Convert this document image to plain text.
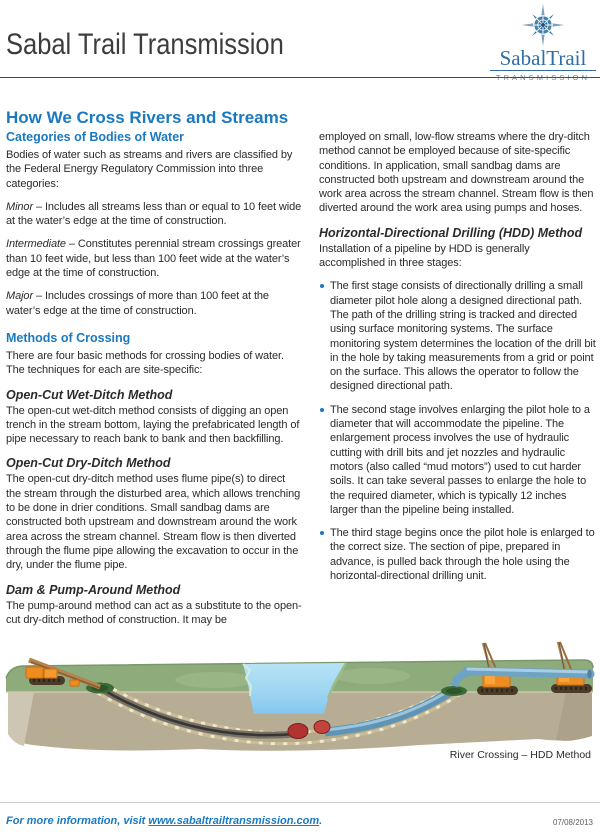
Sabal Trail Transmission	SabalTrail
TRANSMISSION
How We Cross Rivers and Streams
Categories of Bodies of Water

Bodies of water such as streams and rivers are classified by the Federal Energy Regulatory Commission into three categories:

Minor – Includes all streams less than or equal to 10 feet wide at the water’s edge at the time of construction.

Intermediate – Constitutes perennial stream crossings greater than 10 feet wide, but less than 100 feet wide at the water’s edge at the time of construction.

Major – Includes crossings of more than 100 feet at the water’s edge at the time of construction.

Methods of Crossing

There are four basic methods for crossing bodies of water. The techniques for each are site-specific:

Open-Cut Wet-Ditch Method

The open-cut wet-ditch method consists of digging an open trench in the stream bottom, laying the prefabricated length of pipe necessary to reach bank to bank and then backfilling.

Open-Cut Dry-Ditch Method

The open-cut dry-ditch method uses flume pipe(s) to direct the stream through the disturbed area, which allows trenching to be done in drier conditions. Small sandbag dams are constructed both upstream and downstream around the work area across the stream channel. Stream flow is then diverted through the flume pipe allowing the excavation to occur in the dry, under the flume pipe.

Dam & Pump-Around Method

The pump-around method can act as a substitute to the open-cut dry-ditch method of construction. It may be

employed on small, low-flow streams where the dry-ditch method cannot be employed because of site-specific conditions. In application, small sandbag dams are constructed both upstream and downstream around the work area across the stream channel. Stream flow is then diverted around the work area using pumps and hoses.

Horizontal-Directional Drilling (HDD) Method

Installation of a pipeline by HDD is generally accomplished in three stages:

The first stage consists of directionally drilling a small diameter pilot hole along a designed directional path. The path of the drilling string is tracked and directed using surface monitoring systems. The surface monitoring system determines the location of the drill bit in the hole by taking measurements from a grid or point on the surface. This allows the operator to follow the designed directional path.
The second stage involves enlarging the pilot hole to a diameter that will accommodate the pipeline. The enlargement process involves the use of hydraulic cutting with drill bits and jet nozzles and hydraulic motors (also called “mud motors”) used to cut harder soils. It can take several passes to enlarge the hole to the required diameter, which is typically 12 inches larger than the pipeline being installed.
The third stage begins once the pilot hole is enlarged to the correct size. The section of pipe, prepared in advance, is pulled back through the hole using the horizontal-directional drilling unit.
River Crossing – HDD Method
For more information, visit www.sabaltrailtransmission.com.	07/08/2013
